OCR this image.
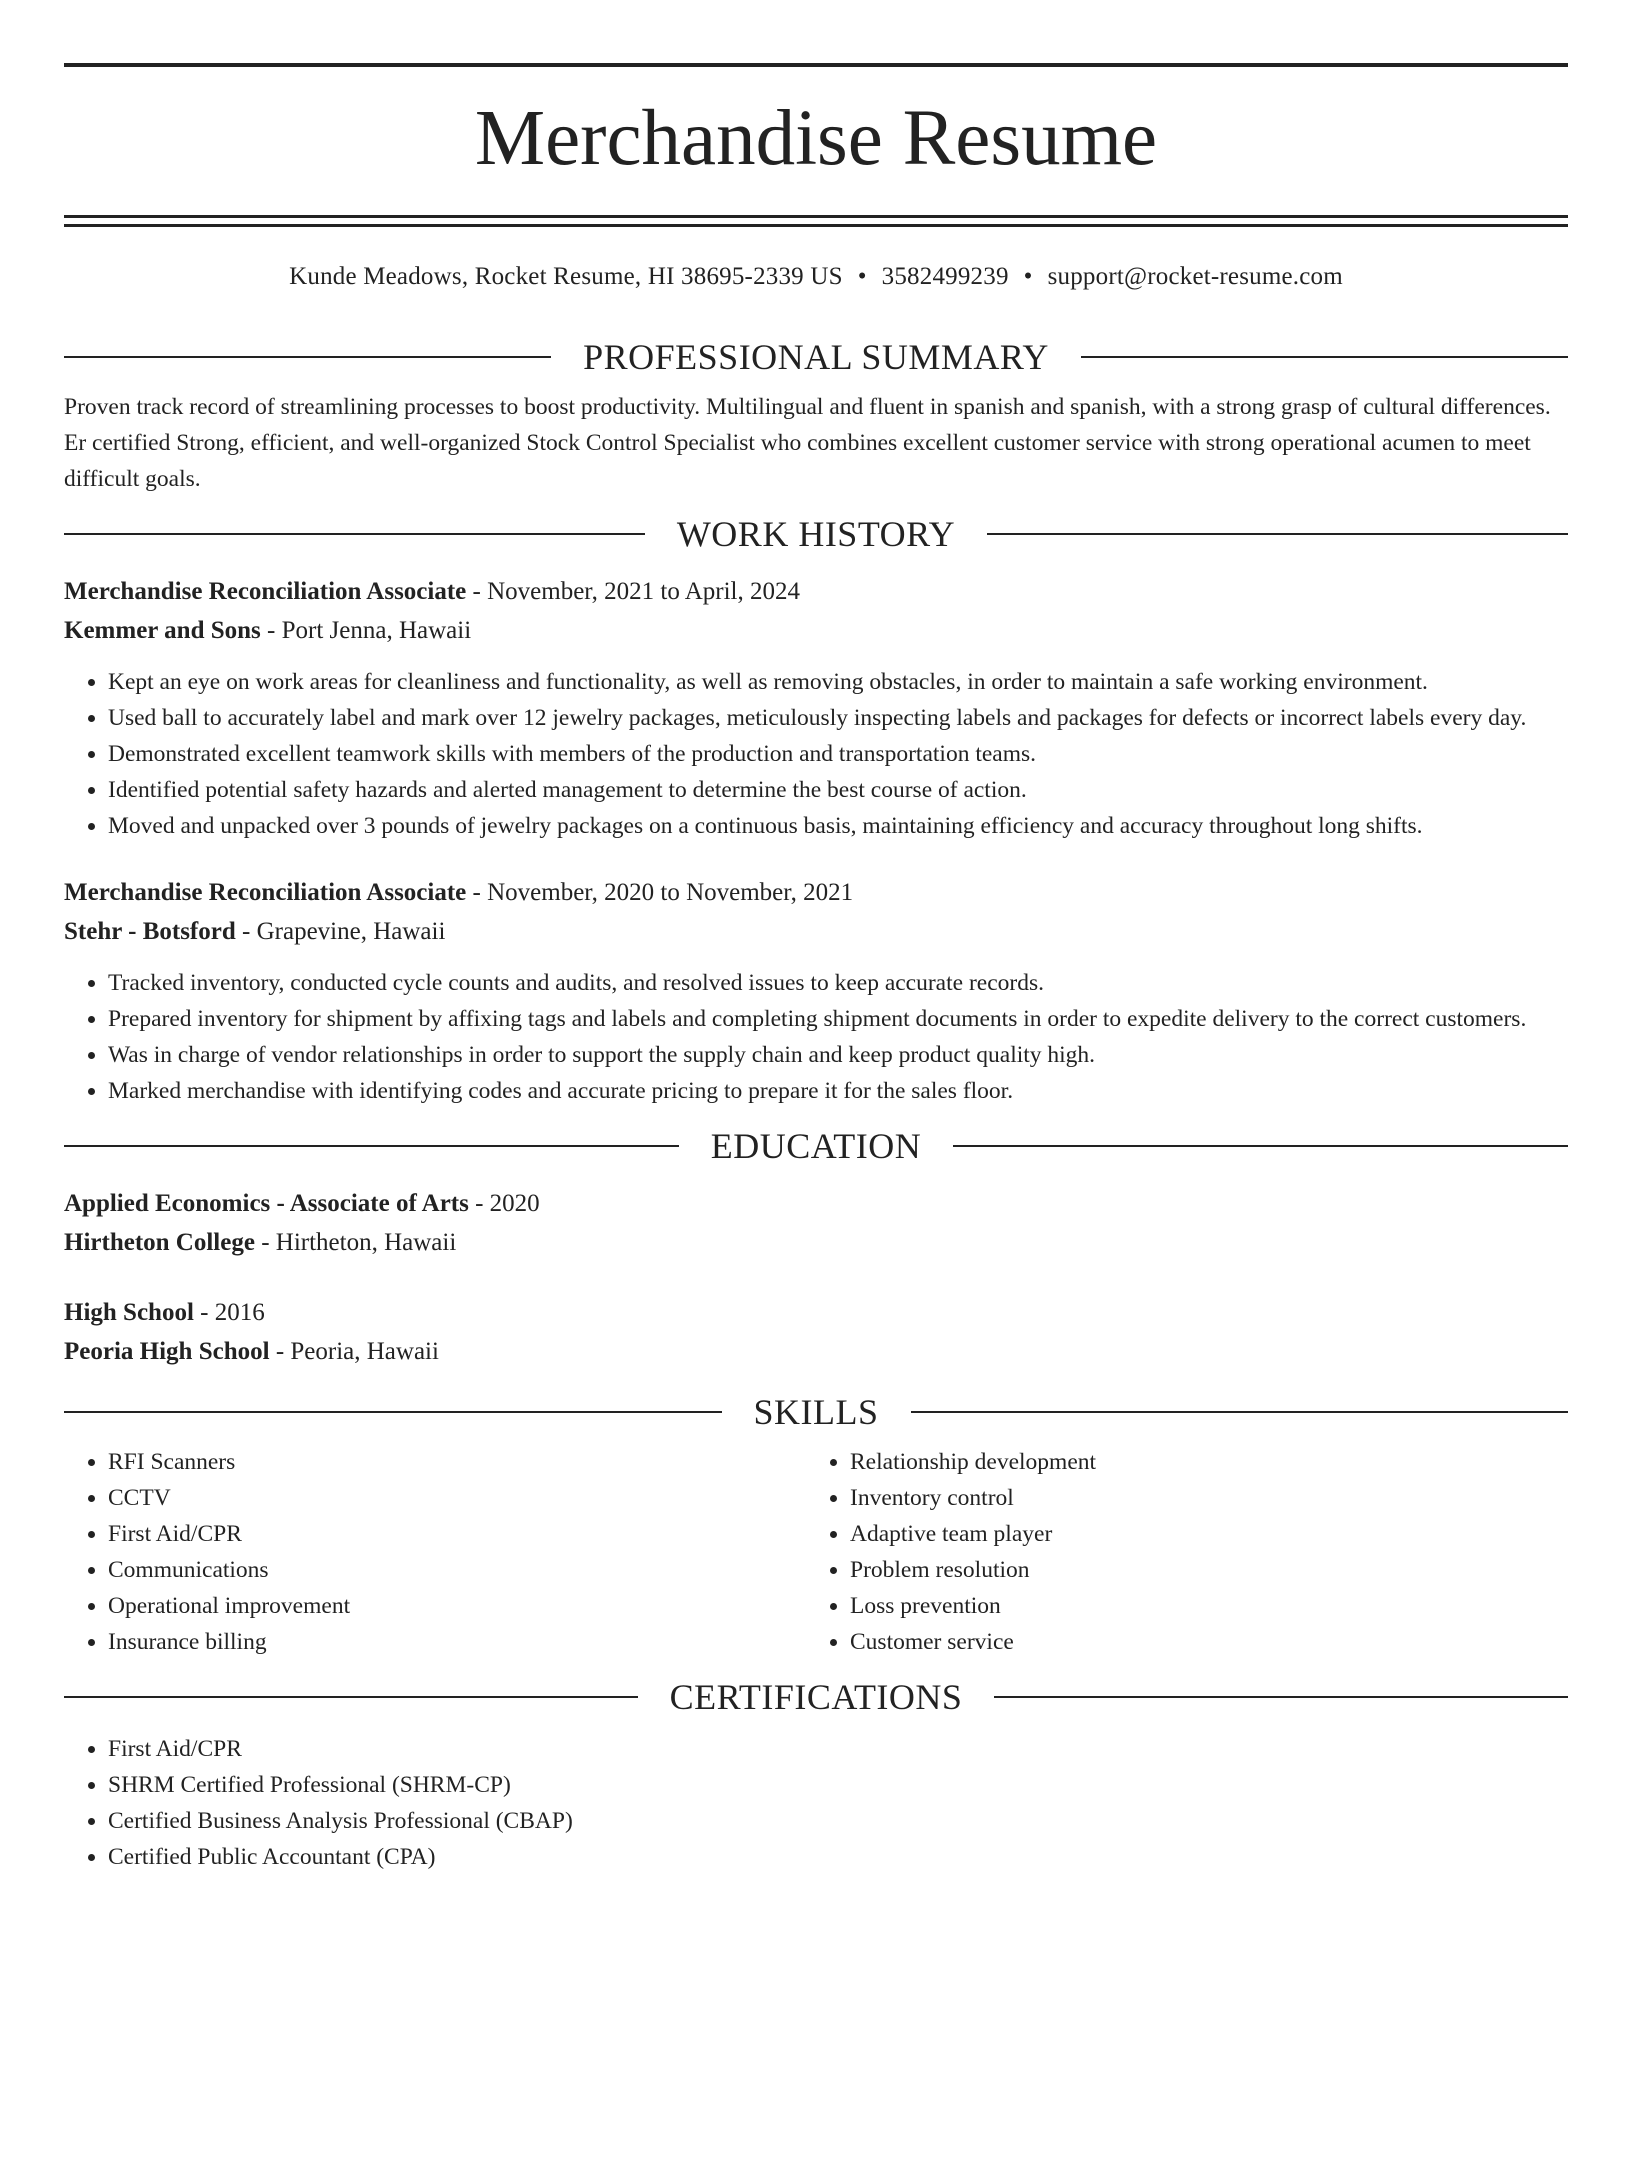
Merchandise Resume
Kunde Meadows, Rocket Resume, HI 38695-2339 US • 3582499239 • support@rocket-resume.com
PROFESSIONAL SUMMARY
Proven track record of streamlining processes to boost productivity. Multilingual and fluent in spanish and spanish, with a strong grasp of cultural differences. Er certified Strong, efficient, and well-organized Stock Control Specialist who combines excellent customer service with strong operational acumen to meet difficult goals.
WORK HISTORY
Merchandise Reconciliation Associate - November, 2021 to April, 2024
Kemmer and Sons - Port Jenna, Hawaii
• Kept an eye on work areas for cleanliness and functionality, as well as removing obstacles, in order to maintain a safe working environment.
• Used ball to accurately label and mark over 12 jewelry packages, meticulously inspecting labels and packages for defects or incorrect labels every day.
• Demonstrated excellent teamwork skills with members of the production and transportation teams.
• Identified potential safety hazards and alerted management to determine the best course of action.
• Moved and unpacked over 3 pounds of jewelry packages on a continuous basis, maintaining efficiency and accuracy throughout long shifts.
Merchandise Reconciliation Associate - November, 2020 to November, 2021
Stehr - Botsford - Grapevine, Hawaii
• Tracked inventory, conducted cycle counts and audits, and resolved issues to keep accurate records.
• Prepared inventory for shipment by affixing tags and labels and completing shipment documents in order to expedite delivery to the correct customers.
• Was in charge of vendor relationships in order to support the supply chain and keep product quality high.
• Marked merchandise with identifying codes and accurate pricing to prepare it for the sales floor.
EDUCATION
Applied Economics - Associate of Arts - 2020
Hirtheton College - Hirtheton, Hawaii
High School - 2016
Peoria High School - Peoria, Hawaii
SKILLS
• RFI Scanners
• CCTV
• First Aid/CPR
• Communications
• Operational improvement
• Insurance billing
• Relationship development
• Inventory control
• Adaptive team player
• Problem resolution
• Loss prevention
• Customer service
CERTIFICATIONS
• First Aid/CPR
• SHRM Certified Professional (SHRM-CP)
• Certified Business Analysis Professional (CBAP)
• Certified Public Accountant (CPA)
